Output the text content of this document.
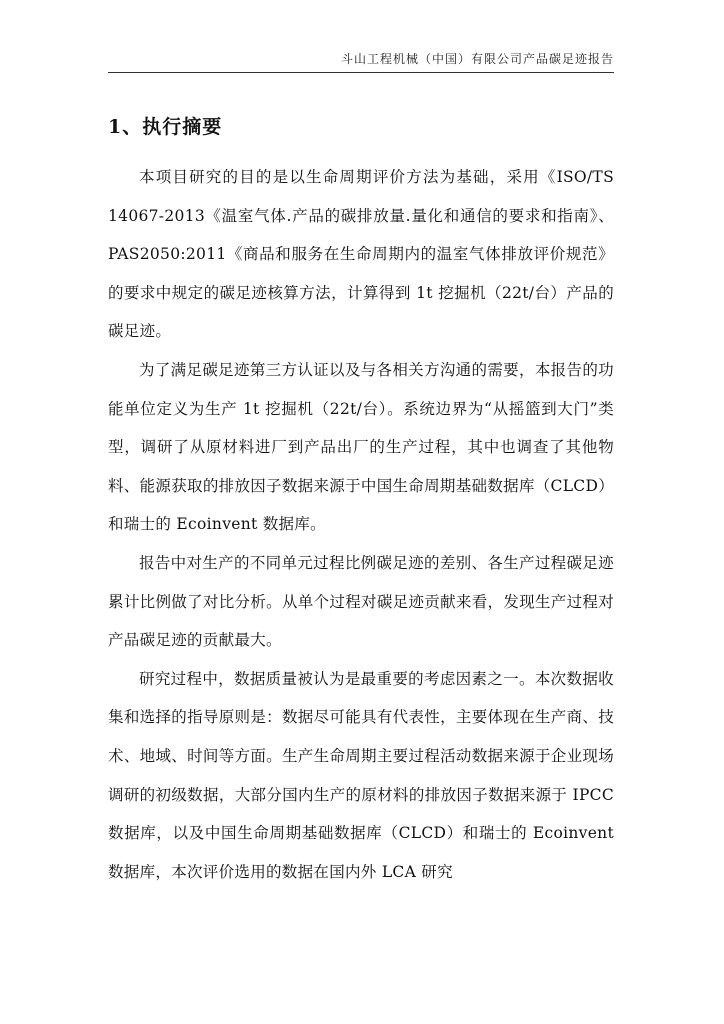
斗山工程机械（中国）有限公司产品碳足迹报告
1、执行摘要

本项目研究的目的是以生命周期评价方法为基础，采用《ISO/TS 14067-2013《温室气体.产品的碳排放量.量化和通信的要求和指南》、PAS2050:2011《商品和服务在生命周期内的温室气体排放评价规范》的要求中规定的碳足迹核算方法，计算得到 1t 挖掘机（22t/台）产品的碳足迹。

为了满足碳足迹第三方认证以及与各相关方沟通的需要，本报告的功能单位定义为生产 1t 挖掘机（22t/台）。系统边界为“从摇篮到大门”类型，调研了从原材料进厂到产品出厂的生产过程，其中也调查了其他物料、能源获取的排放因子数据来源于中国生命周期基础数据库（CLCD）和瑞士的 Ecoinvent 数据库。

报告中对生产的不同单元过程比例碳足迹的差别、各生产过程碳足迹累计比例做了对比分析。从单个过程对碳足迹贡献来看，发现生产过程对产品碳足迹的贡献最大。

研究过程中，数据质量被认为是最重要的考虑因素之一。本次数据收集和选择的指导原则是：数据尽可能具有代表性，主要体现在生产商、技术、地域、时间等方面。生产生命周期主要过程活动数据来源于企业现场调研的初级数据，大部分国内生产的原材料的排放因子数据来源于 IPCC 数据库，以及中国生命周期基础数据库（CLCD）和瑞士的 Ecoinvent 数据库，本次评价选用的数据在国内外 LCA 研究
